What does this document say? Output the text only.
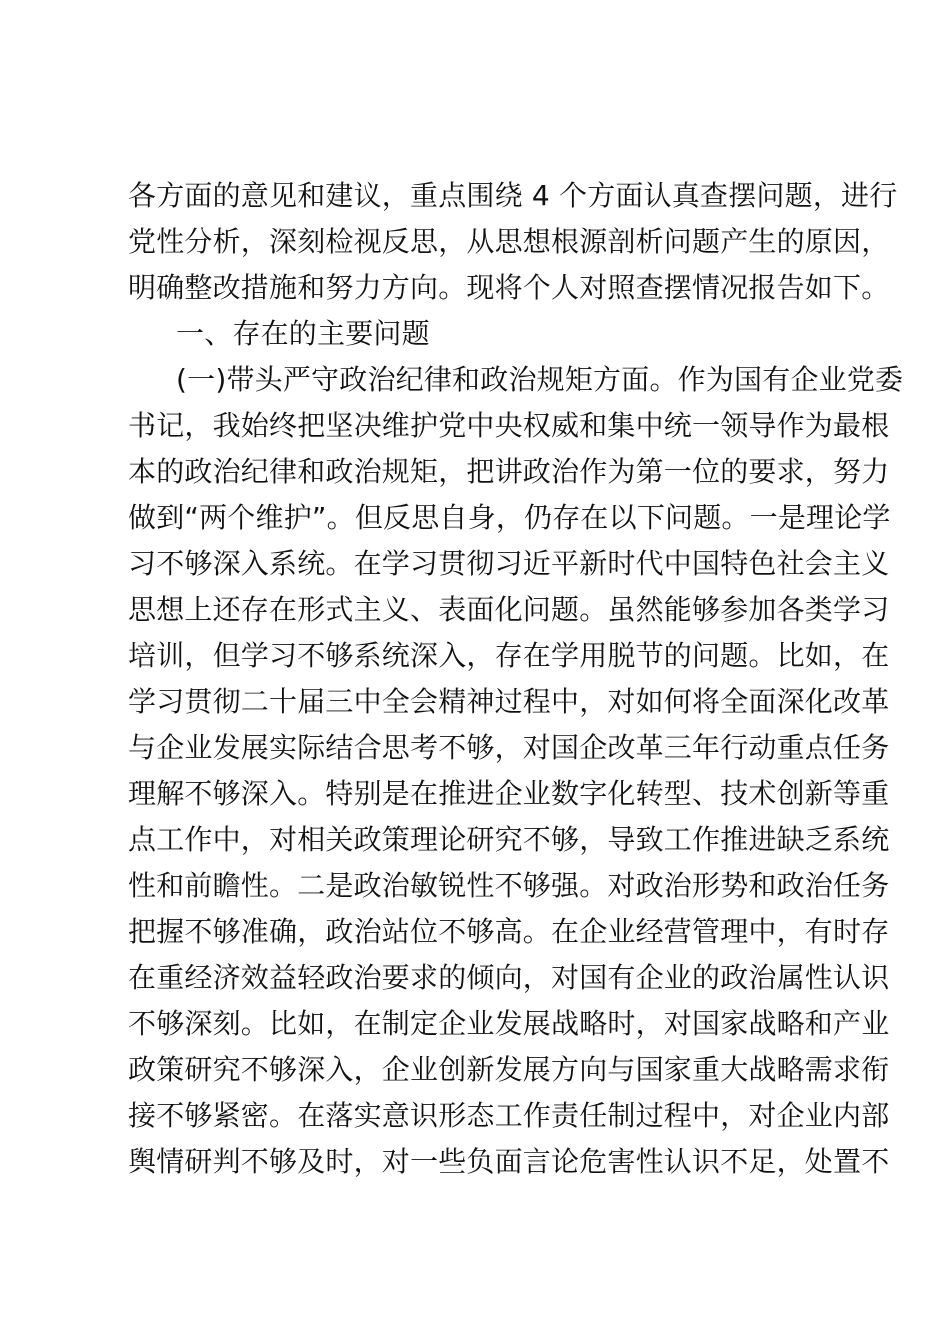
各方面的意见和建议，重点围绕 4 个方面认真查摆问题，进行
党性分析，深刻检视反思，从思想根源剖析问题产生的原因，
明确整改措施和努力方向。现将个人对照查摆情况报告如下。
一、存在的主要问题
(一)带头严守政治纪律和政治规矩方面。作为国有企业党委
书记，我始终把坚决维护党中央权威和集中统一领导作为最根
本的政治纪律和政治规矩，把讲政治作为第一位的要求，努力
做到“两个维护”。但反思自身，仍存在以下问题。一是理论学
习不够深入系统。在学习贯彻习近平新时代中国特色社会主义
思想上还存在形式主义、表面化问题。虽然能够参加各类学习
培训，但学习不够系统深入，存在学用脱节的问题。比如，在
学习贯彻二十届三中全会精神过程中，对如何将全面深化改革
与企业发展实际结合思考不够，对国企改革三年行动重点任务
理解不够深入。特别是在推进企业数字化转型、技术创新等重
点工作中，对相关政策理论研究不够，导致工作推进缺乏系统
性和前瞻性。二是政治敏锐性不够强。对政治形势和政治任务
把握不够准确，政治站位不够高。在企业经营管理中，有时存
在重经济效益轻政治要求的倾向，对国有企业的政治属性认识
不够深刻。比如，在制定企业发展战略时，对国家战略和产业
政策研究不够深入，企业创新发展方向与国家重大战略需求衔
接不够紧密。在落实意识形态工作责任制过程中，对企业内部
舆情研判不够及时，对一些负面言论危害性认识不足，处置不
